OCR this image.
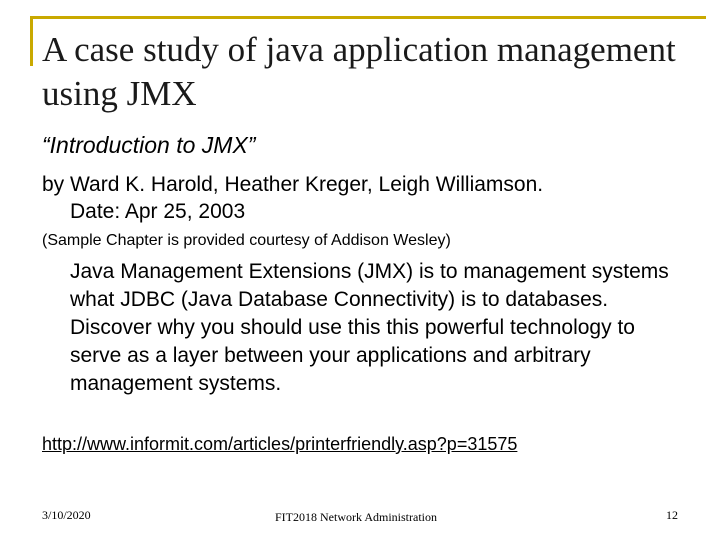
A case study of java application management using JMX
“Introduction to JMX”
by Ward K. Harold, Heather Kreger, Leigh Williamson.
Date: Apr 25, 2003
(Sample Chapter is provided courtesy of Addison Wesley)
Java Management Extensions (JMX) is to management systems what JDBC (Java Database Connectivity) is to databases. Discover why you should use this this powerful technology to serve as a layer between your applications and arbitrary management systems.
http://www.informit.com/articles/printerfriendly.asp?p=31575
3/10/2020	FIT2018 Network Administration	12
